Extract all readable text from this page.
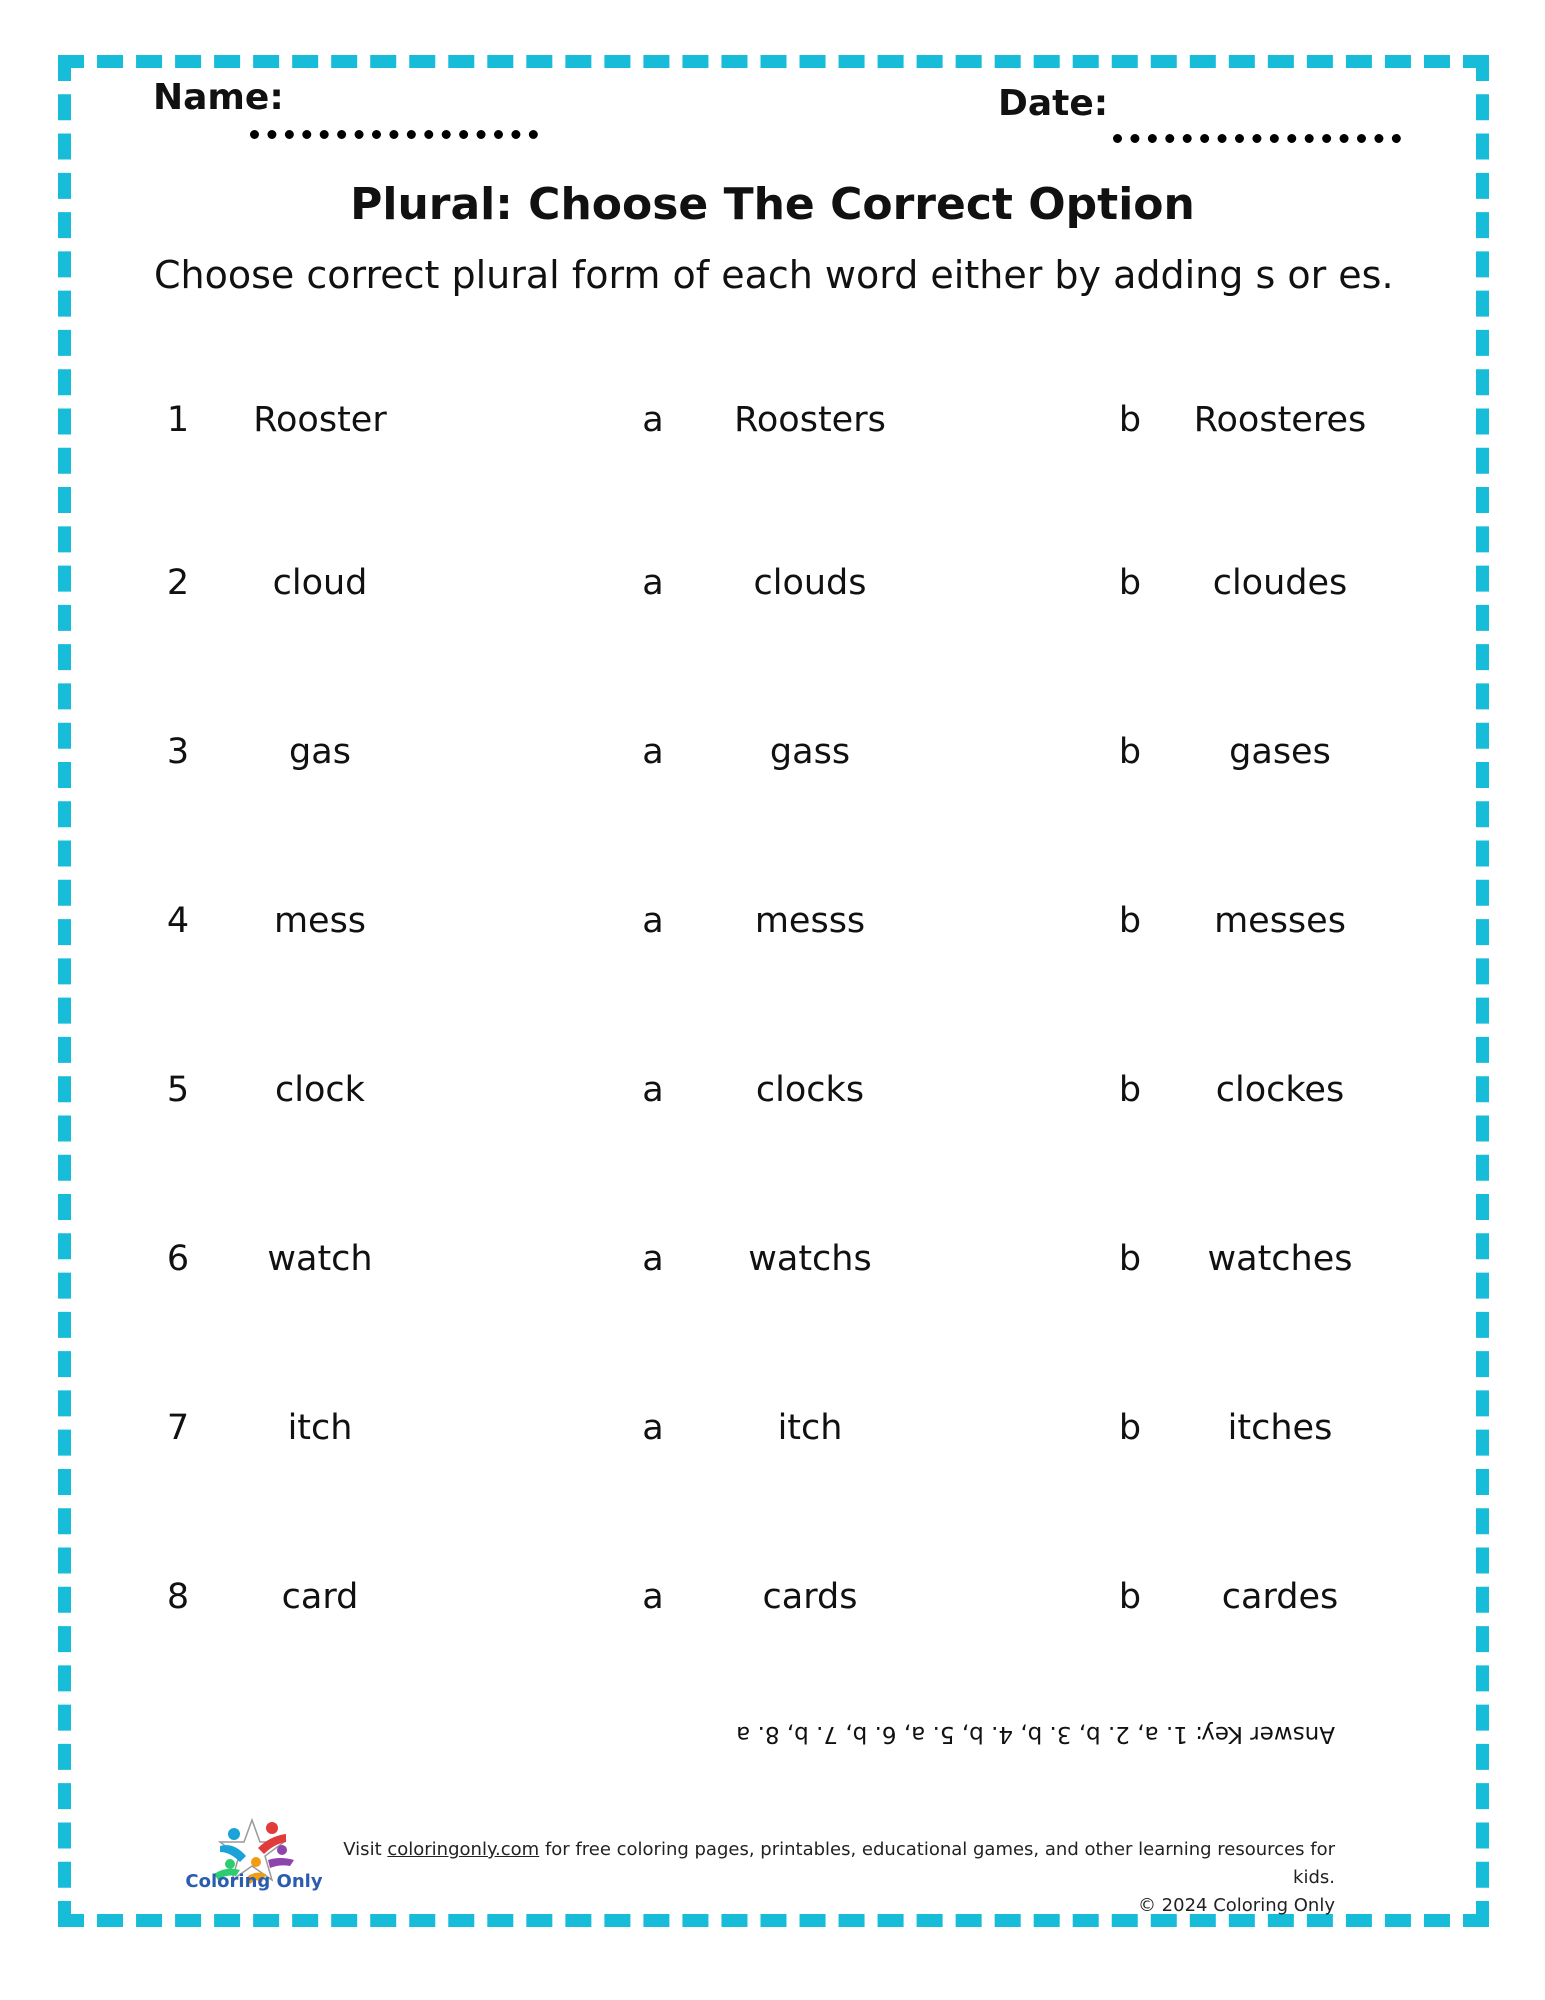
Name:	Date:
Plural: Choose The Correct Option
Choose correct plural form of each word either by adding s or es.
1	Rooster	a	Roosters	b	Roosteres
2	cloud	a	clouds	b	cloudes
3	gas	a	gass	b	gases
4	mess	a	messs	b	messes
5	clock	a	clocks	b	clockes
6	watch	a	watchs	b	watches
7	itch	a	itch	b	itches
8	card	a	cards	b	cardes
Answer Key: 1. a, 2. b, 3. b, 4. b, 5. a, 6. b, 7. b, 8. a
Coloring Only
Visit coloringonly.com for free coloring pages, printables, educational games, and other learning resources for kids.
© 2024 Coloring Only
